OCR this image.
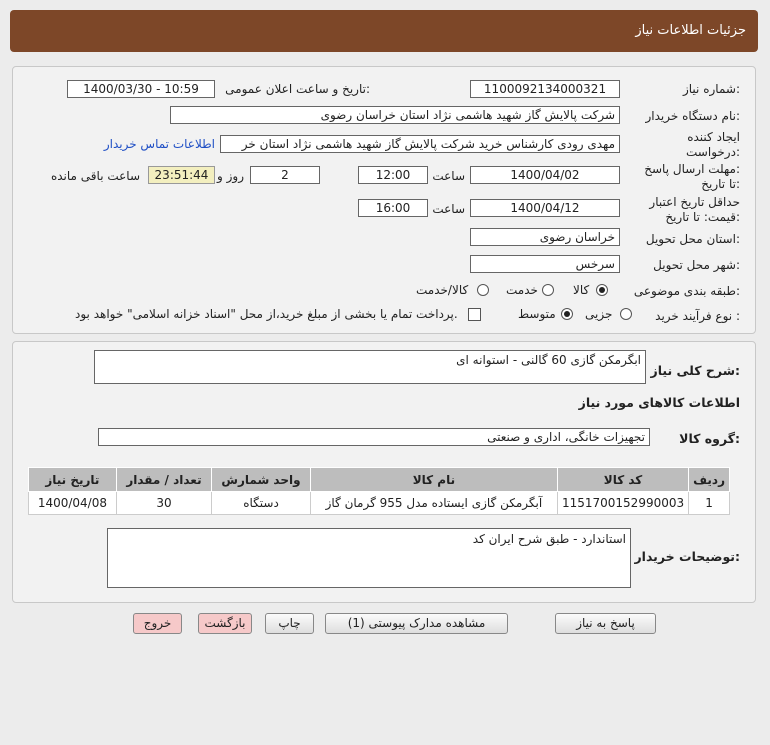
جزئیات اطلاعات نیاز
شماره نیاز:
1100092134000321
تاریخ و ساعت اعلان عمومی:
1400/03/30 - 10:59
نام دستگاه خریدار:
شرکت پالایش گاز شهید هاشمی نژاد استان خراسان رضوی
ایجاد کننده
درخواست:
مهدی رودی کارشناس خرید شرکت پالایش گاز شهید هاشمی نژاد استان خر
اطلاعات تماس خریدار
مهلت ارسال پاسخ:
تا تاریخ:
1400/04/02
ساعت
12:00
2
روز و
23:51:44
ساعت باقی مانده
حداقل تاریخ اعتبار
قیمت: تا تاریخ:
1400/04/12
ساعت
16:00
استان محل تحویل:
خراسان رضوی
شهر محل تحویل:
سرخس
طبقه بندی موضوعی:
کالا
خدمت
کالا/خدمت
نوع فرآیند خرید :
جزیی
متوسط
پرداخت تمام یا بخشی از مبلغ خرید،از محل "اسناد خزانه اسلامی" خواهد بود.
شرح کلی نیاز:
ابگرمکن گازی 60 گالنی - استوانه ای
اطلاعات کالاهای مورد نیاز
گروه کالا:
تجهیزات خانگی، اداری و صنعتی
ردیف	کد کالا	نام کالا	واحد شمارش	تعداد / مقدار	تاریخ نیاز
1	1151700152990003	آبگرمکن گازی ایستاده مدل 955 گرمان گاز	دستگاه	30	1400/04/08
توضیحات خریدار:
استاندارد - طبق شرح ایران کد
پاسخ به نیاز
مشاهده مدارک پیوستی (1)
چاپ
بازگشت
خروج
